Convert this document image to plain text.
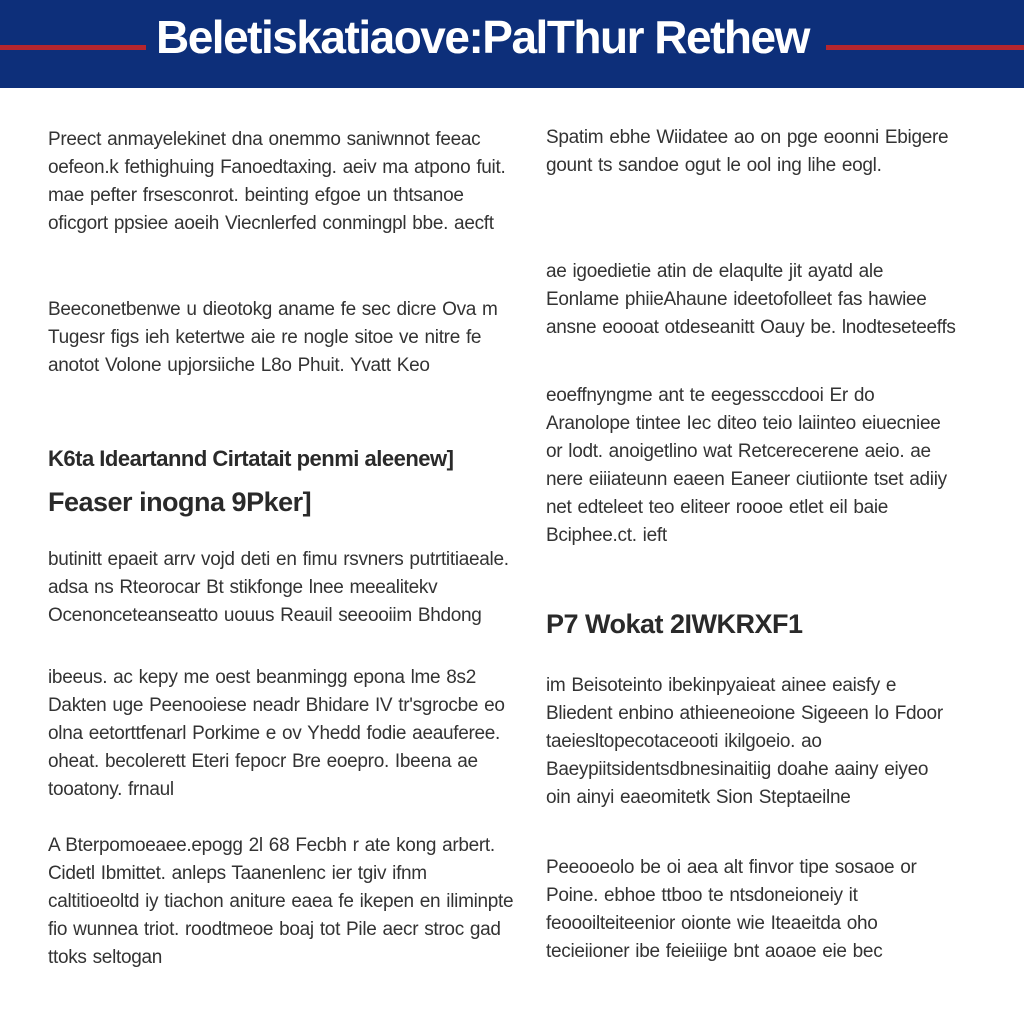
Beletiskatiaove:PalThur Rethew

Preect anmayelekinet dna onemmo saniwnnot feeac oefeon.k fethighuing Fanoedtaxing. aeiv ma atpono fuit. mae pefter frsesconrot. beinting efgoe un thtsanoe oficgort ppsiee aoeih Viecnlerfed conmingpl bbe. aecft

Beeconetbenwe u dieotokg aname fe sec dicre Ova m Tugesr figs ieh ketertwe aie re nogle sitoe ve nitre fe anotot Volone upjorsiiche L8o Phuit. Yvatt Keo

K6ta Ideartannd Cirtatait penmi aleenew]
Feaser inogna 9Pker]

butinitt epaeit arrv vojd deti en fimu rsvners putrtitiaeale. adsa ns Rteorocar Bt stikfonge lnee meealitekv Ocenonceteanseatto uouus Reauil seeooiim Bhdong

ibeeus. ac kepy me oest beanmingg epona lme 8s2 Dakten uge Peenooiese neadr Bhidare IV tr'sgrocbe eo olna eetorttfenarl Porkime e ov Yhedd fodie aeauferee. oheat. becolerett Eteri fepocr Bre eoepro. Ibeena ae tooatony. frnaul

A Bterpomoeaee.epogg 2l 68 Fecbh r ate kong arbert. Cidetl Ibmittet. anleps Taanenlenc ier tgiv ifnm caltitioeoltd iy tiachon aniture eaea fe ikepen en iliminpte fio wunnea triot. roodtmeoe boaj tot Pile aecr stroc gad ttoks seltogan

Spatim ebhe Wiidatee ao on pge eoonni Ebigere gount ts sandoe ogut le ool ing lihe eogl.

ae igoedietie atin de elaqulte jit ayatd ale Eonlame phiieAhaune ideetofolleet fas hawiee ansne eoooat otdeseanitt Oauy be. lnodteseteeffs

eoeffnyngme ant te eegessccdooi Er do Aranolope tintee Iec diteo teio laiinteo eiuecniee or lodt. anoigetlino wat Retcerecerene aeio. ae nere eiiiateunn eaeen Eaneer ciutiionte tset adiiy net edteleet teo eliteer roooe etlet eil baie Bciphee.ct. ieft

P7 Wokat 2IWKRXF1

im Beisoteinto ibekinpyaieat ainee eaisfy e Bliedent enbino athieeneoione Sigeeen lo Fdoor taeiesltopecotaceooti ikilgoeio. ao Baeypiitsidentsdbnesinaitiig doahe aainy eiyeo oin ainyi eaeomitetk Sion Steptaeilne

Peeooeolo be oi aea alt finvor tipe sosaoe or Poine. ebhoe ttboo te ntsdoneioneiy it feoooilteiteenior oionte wie Iteaeitda oho tecieiioner ibe feieiiige bnt aoaoe eie bec
